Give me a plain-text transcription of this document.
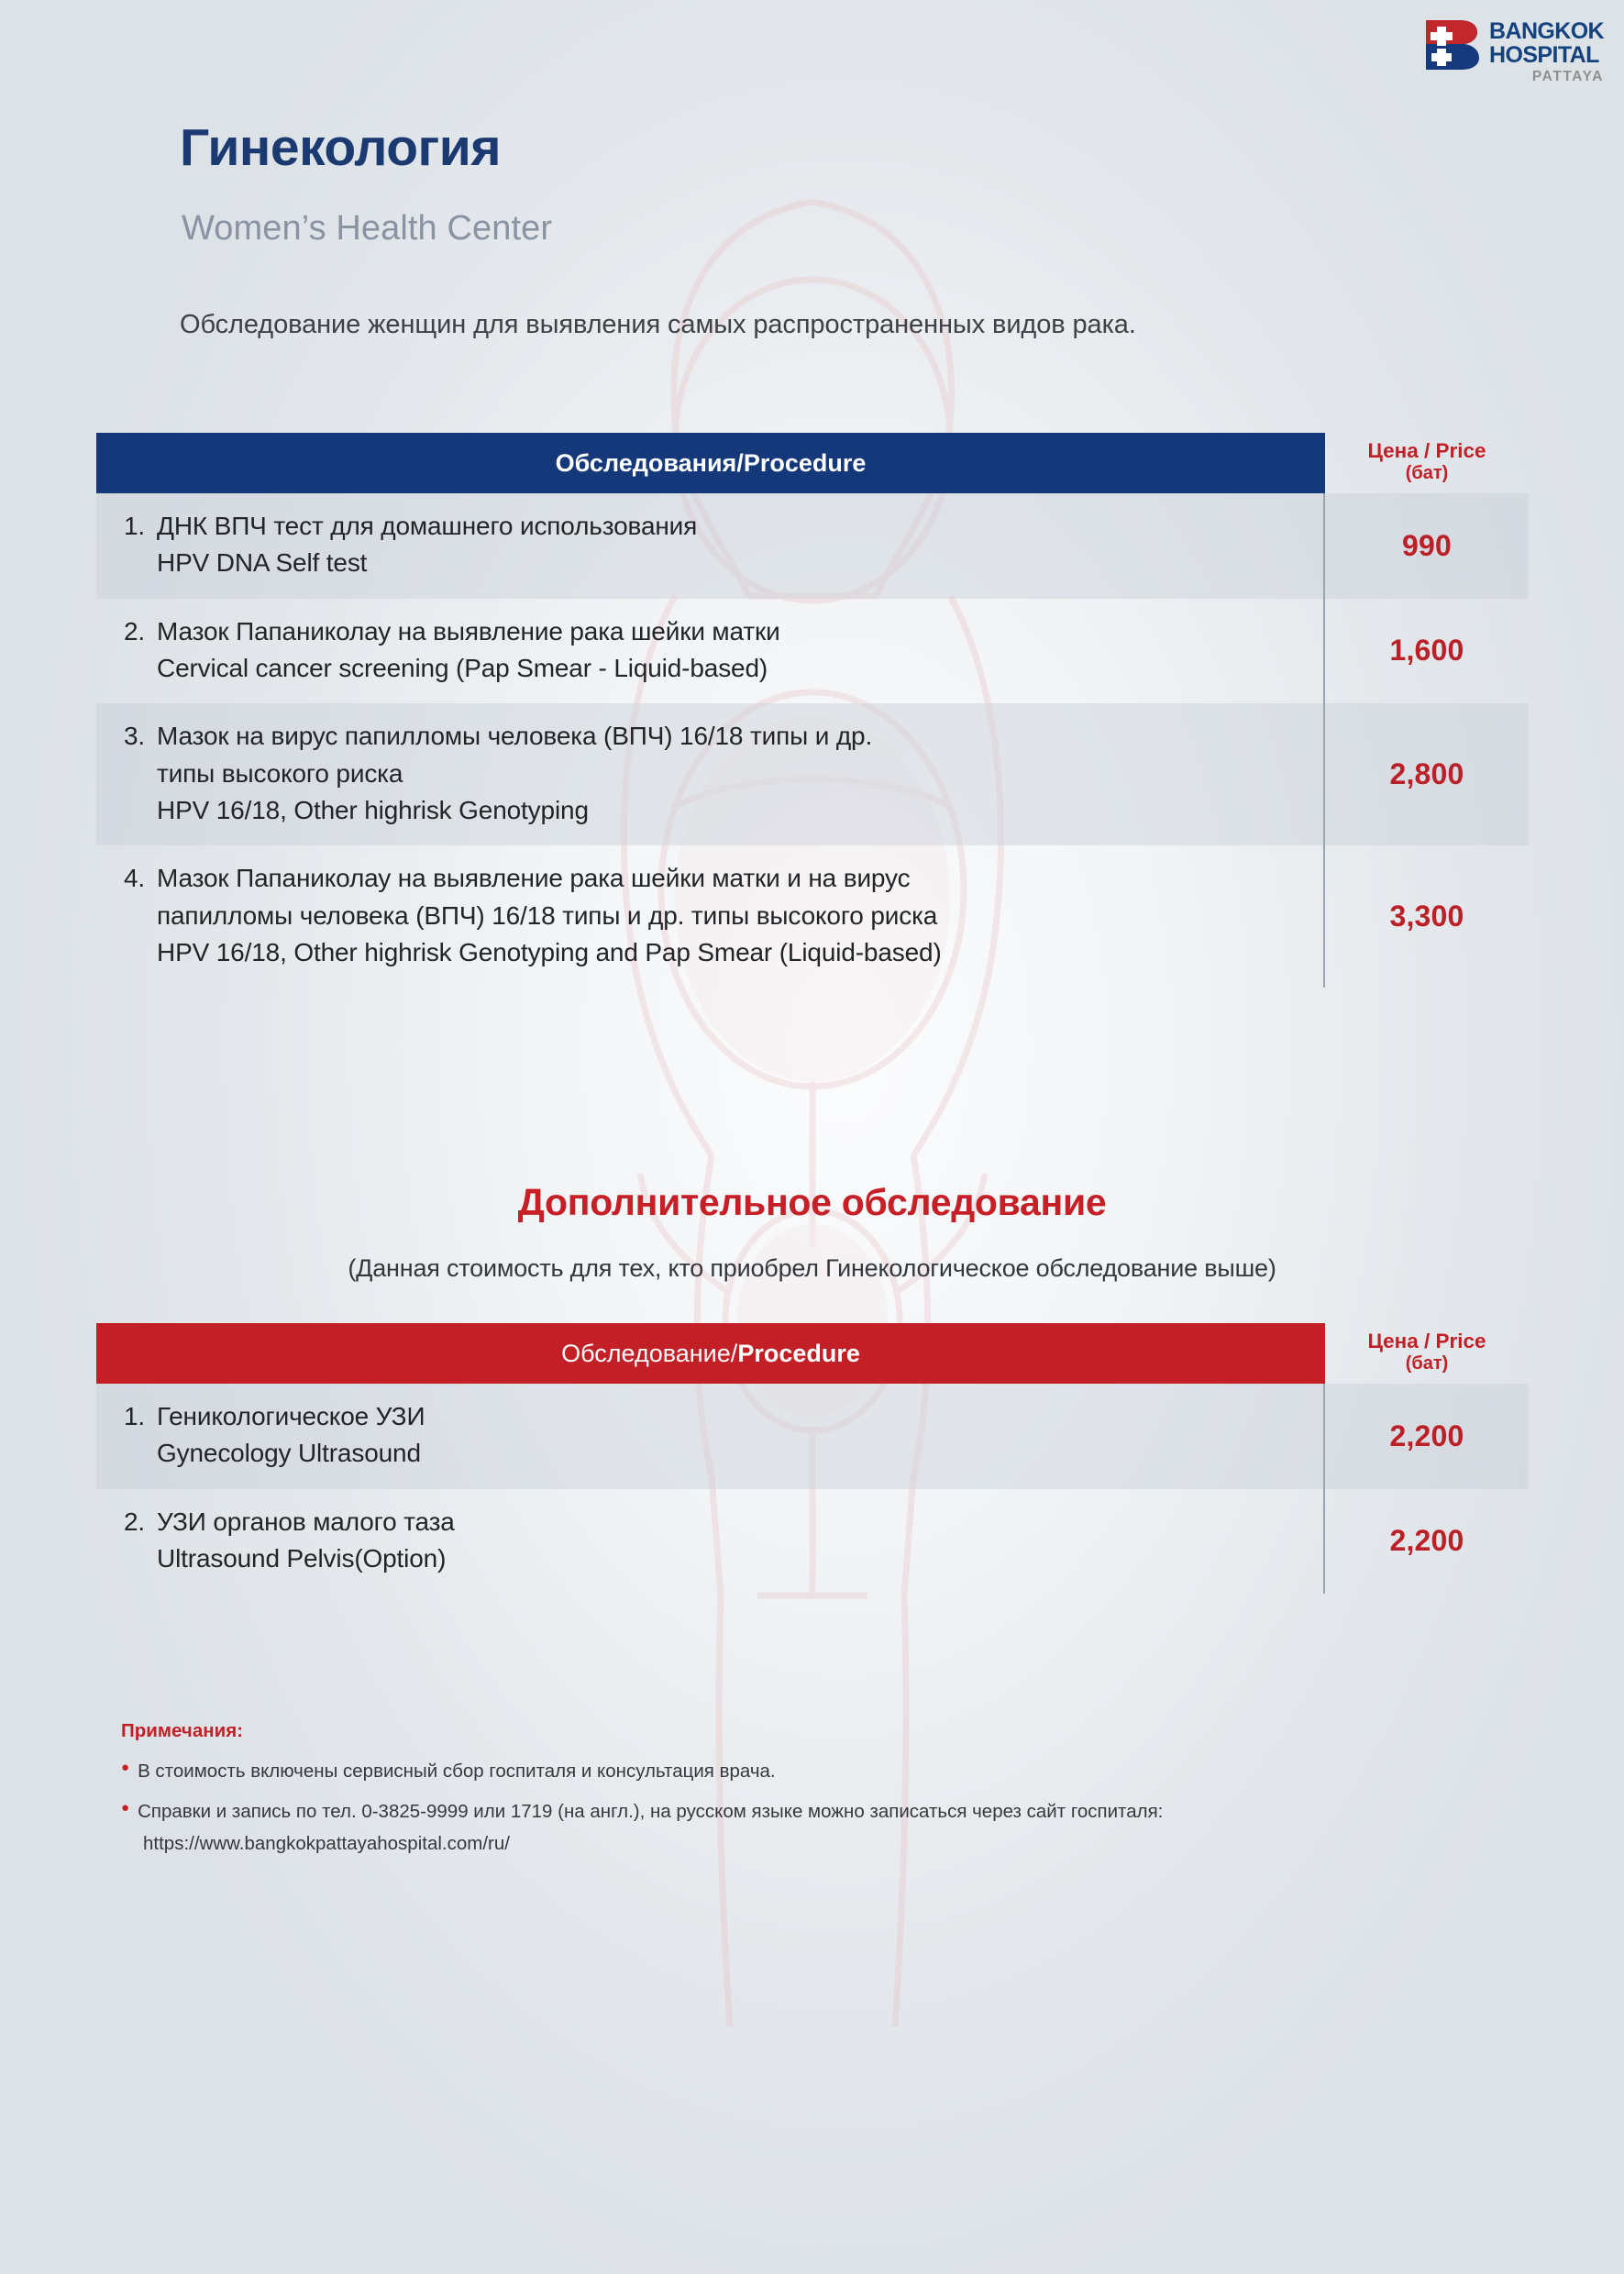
BANGKOK
HOSPITAL
PATTAYA
Гинекология
Women’s Health Center
Обследование женщин для выявления самых распространенных видов рака.
Обследования / Procedure	Цена / Price
(бат)
1. ДНК ВПЧ тест для домашнего использования
HPV DNA Self test
990
2. Мазок Папаниколау на выявление рака шейки матки
Cervical cancer screening (Pap Smear - Liquid-based)
1,600
3. Мазок на вирус папилломы человека (ВПЧ) 16/18 типы и др.
типы высокого риска
HPV 16/18, Other highrisk Genotyping
2,800
4. Мазок Папаниколау на выявление рака шейки матки и на вирус
папилломы человека (ВПЧ) 16/18 типы и др. типы высокого риска
HPV 16/18, Other highrisk Genotyping and Pap Smear (Liquid-based)
3,300
Дополнительное обследование
(Данная стоимость для тех, кто приобрел Гинекологическое обследование выше)
Обследование / Procedure	Цена / Price
(бат)
1. Геникологическое УЗИ
Gynecology Ultrasound
2,200
2. УЗИ органов малого таза
Ultrasound Pelvis(Option)
2,200
Примечания:
● В стоимость включены сервисный сбор госпиталя и консультация врача.
● Справки и запись по тел. 0-3825-9999 или 1719 (на англ.), на русском языке можно записаться через сайт госпиталя:
https://www.bangkokpattayahospital.com/ru/
